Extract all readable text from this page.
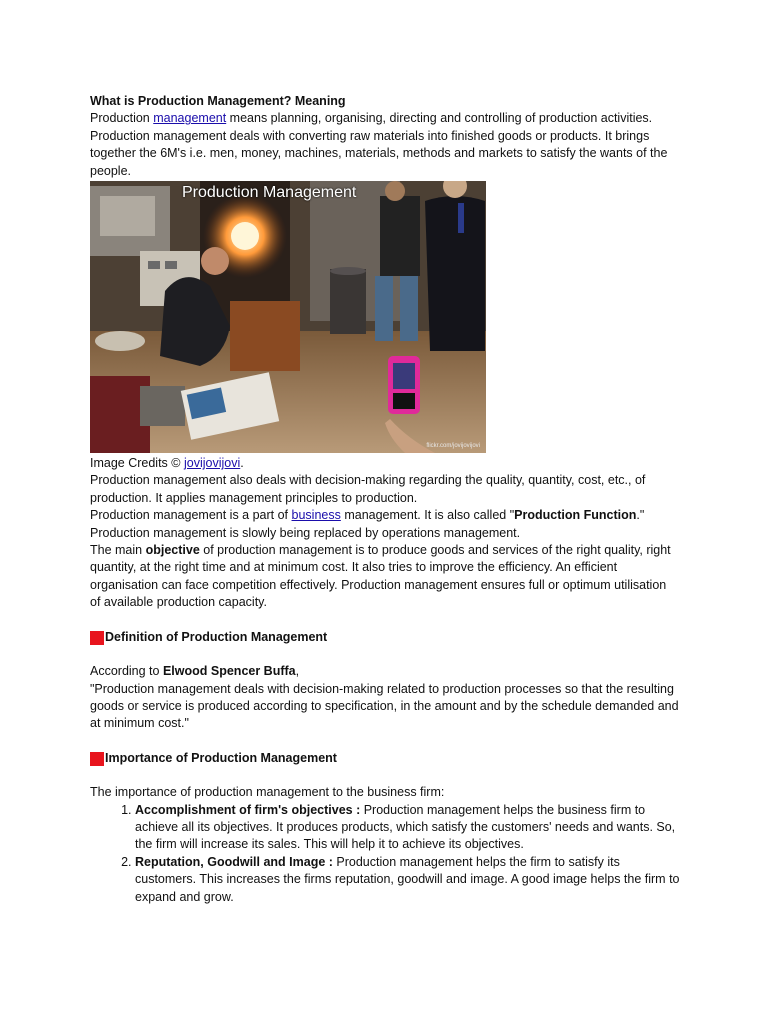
What is Production Management? Meaning

Production management means planning, organising, directing and controlling of production activities. Production management deals with converting raw materials into finished goods or products. It brings together the 6M's i.e. men, money, machines, materials, methods and markets to satisfy the wants of the people.

Production Management
flickr.com/jovijovijovi

Image Credits © jovijovijovi.

Production management also deals with decision-making regarding the quality, quantity, cost, etc., of production. It applies management principles to production.

Production management is a part of business management. It is also called "Production Function."

Production management is slowly being replaced by operations management.

The main objective of production management is to produce goods and services of the right quality, right quantity, at the right time and at minimum cost. It also tries to improve the efficiency. An efficient organisation can face competition effectively. Production management ensures full or optimum utilisation of available production capacity.

Definition of Production Management

According to Elwood Spencer Buffa,

"Production management deals with decision-making related to production processes so that the resulting goods or service is produced according to specification, in the amount and by the schedule demanded and at minimum cost."

Importance of Production Management

The importance of production management to the business firm:

1. Accomplishment of firm's objectives : Production management helps the business firm to achieve all its objectives. It produces products, which satisfy the customers' needs and wants. So, the firm will increase its sales. This will help it to achieve its objectives.
2. Reputation, Goodwill and Image : Production management helps the firm to satisfy its customers. This increases the firms reputation, goodwill and image. A good image helps the firm to expand and grow.
